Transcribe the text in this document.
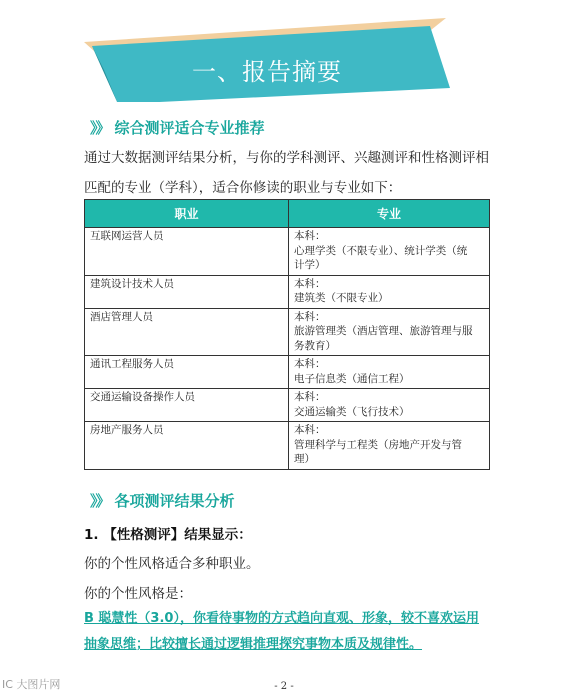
一、报告摘要
》》 综合测评适合专业推荐
通过大数据测评结果分析，与你的学科测评、兴趣测评和性格测评相
匹配的专业（学科），适合你修读的职业与专业如下：
职业	专业
互联网运营人员	本科：
心理学类（不限专业）、统计学类（统
计学）

建筑设计技术人员	本科：
建筑类（不限专业）

酒店管理人员	本科：
旅游管理类（酒店管理、旅游管理与服
务教育）

通讯工程服务人员	本科：
电子信息类（通信工程）

交通运输设备操作人员	本科：
交通运输类（飞行技术）

房地产服务人员	本科：
管理科学与工程类（房地产开发与管
理）
》》 各项测评结果分析
1. 【性格测评】结果显示：
你的个性风格适合多种职业。
你的个性风格是：
B 聪慧性（3.0），你看待事物的方式趋向直观、形象，较不喜欢运用
抽象思维；比较擅长通过逻辑推理探究事物本质及规律性。
IC 大图片网	- 2 -
